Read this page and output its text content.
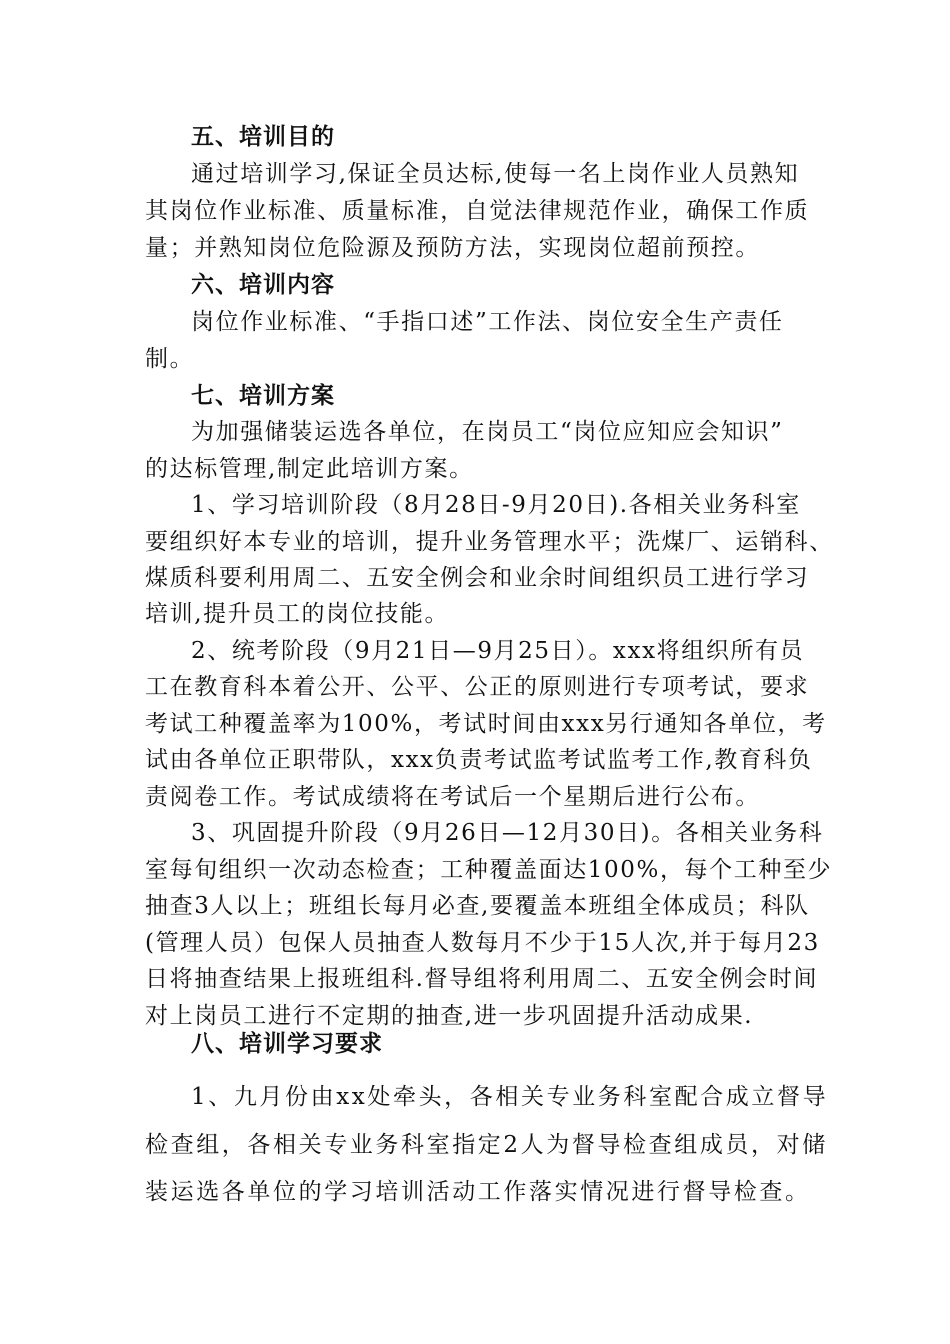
五、培训目的
通过培训学习,保证全员达标,使每一名上岗作业人员熟知
其岗位作业标准、质量标准，自觉法律规范作业，确保工作质
量；并熟知岗位危险源及预防方法，实现岗位超前预控。
六、培训内容
岗位作业标准、“手指口述”工作法、岗位安全生产责任
制。
七、培训方案
为加强储装运选各单位，在岗员工“岗位应知应会知识”
的达标管理,制定此培训方案。
1、学习培训阶段（8月28日-9月20日).各相关业务科室
要组织好本专业的培训，提升业务管理水平；洗煤厂、运销科、
煤质科要利用周二、五安全例会和业余时间组织员工进行学习
培训,提升员工的岗位技能。
2、统考阶段（9月21日—9月25日）。xxx将组织所有员
工在教育科本着公开、公平、公正的原则进行专项考试，要求
考试工种覆盖率为100%，考试时间由xxx另行通知各单位，考
试由各单位正职带队，xxx负责考试监考试监考工作,教育科负
责阅卷工作。考试成绩将在考试后一个星期后进行公布。
3、巩固提升阶段（9月26日—12月30日)。各相关业务科
室每旬组织一次动态检查；工种覆盖面达100%，每个工种至少
抽查3人以上；班组长每月必查,要覆盖本班组全体成员；科队
(管理人员）包保人员抽查人数每月不少于15人次,并于每月23
日将抽查结果上报班组科.督导组将利用周二、五安全例会时间
对上岗员工进行不定期的抽查,进一步巩固提升活动成果.
八、培训学习要求
1、九月份由xx处牵头，各相关专业务科室配合成立督导
检查组，各相关专业务科室指定2人为督导检查组成员，对储
装运选各单位的学习培训活动工作落实情况进行督导检查。
